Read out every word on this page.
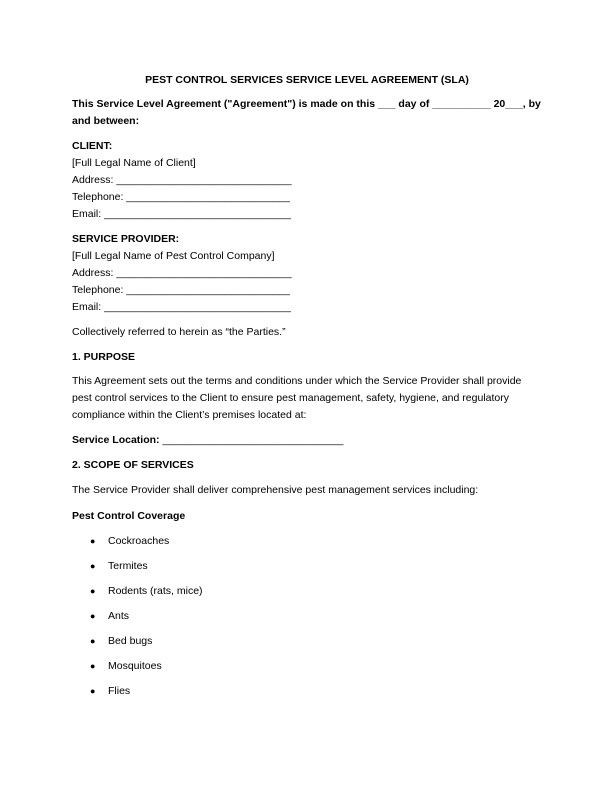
PEST CONTROL SERVICES SERVICE LEVEL AGREEMENT (SLA)
This Service Level Agreement ("Agreement") is made on this ___ day of __________ 20___, by and between:
CLIENT:
[Full Legal Name of Client]
Address: ______________________________
Telephone: ____________________________
Email: ________________________________
SERVICE PROVIDER:
[Full Legal Name of Pest Control Company]
Address: ______________________________
Telephone: ____________________________
Email: ________________________________
Collectively referred to herein as “the Parties.”
1. PURPOSE
This Agreement sets out the terms and conditions under which the Service Provider shall provide pest control services to the Client to ensure pest management, safety, hygiene, and regulatory compliance within the Client’s premises located at:
Service Location: _______________________________
2. SCOPE OF SERVICES
The Service Provider shall deliver comprehensive pest management services including:
Pest Control Coverage
● Cockroaches
● Termites
● Rodents (rats, mice)
● Ants
● Bed bugs
● Mosquitoes
● Flies
